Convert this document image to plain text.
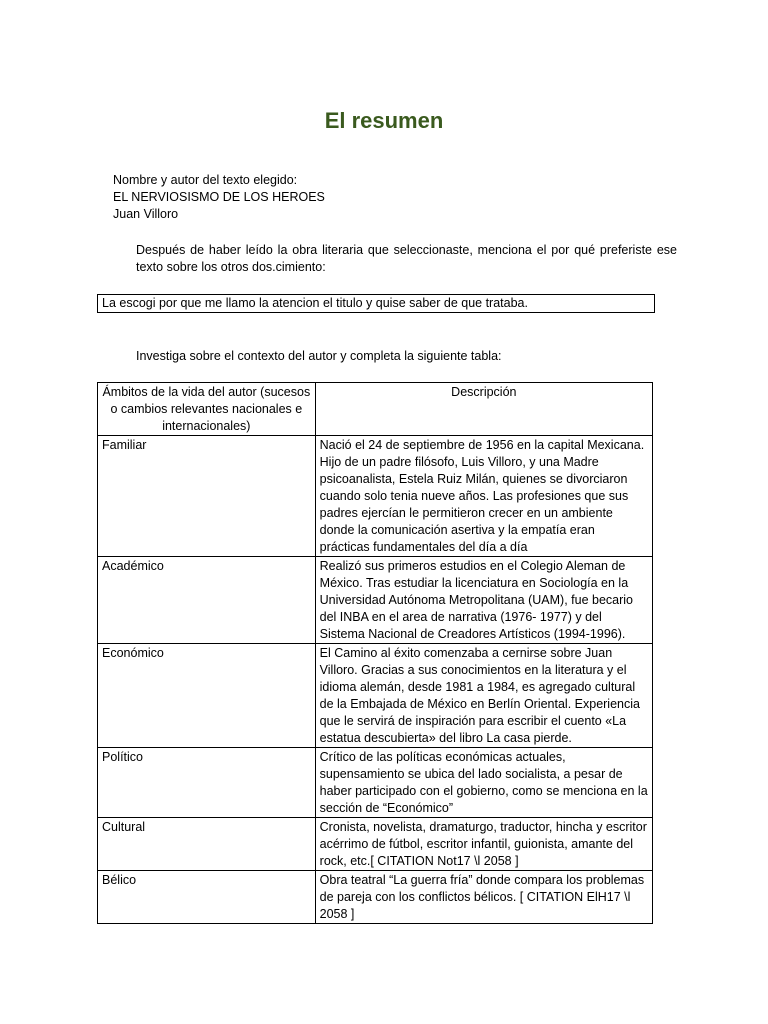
El resumen
Nombre y autor del texto elegido:
EL NERVIOSISMO DE LOS HEROES
Juan Villoro
Después de haber leído la obra literaria que seleccionaste, menciona el por qué preferiste ese texto sobre los otros dos.cimiento:
La escogi por que me llamo la atencion el titulo y quise saber de que trataba.
Investiga sobre el contexto del autor y completa la siguiente tabla:
Ámbitos de la vida del autor (sucesos o cambios relevantes nacionales e internacionales)	Descripción
Familiar	Nació el 24 de septiembre de 1956 en la capital Mexicana. Hijo de un padre filósofo, Luis Villoro, y una Madre psicoanalista, Estela Ruiz Milán, quienes se divorciaron cuando solo tenia nueve años. Las profesiones que sus padres ejercían le permitieron crecer en un ambiente donde la comunicación asertiva y la empatía eran prácticas fundamentales del día a día
Académico	Realizó sus primeros estudios en el Colegio Aleman de México. Tras estudiar la licenciatura en Sociología en la Universidad Autónoma Metropolitana (UAM), fue becario del INBA en el area de narrativa (1976- 1977) y del Sistema Nacional de Creadores Artísticos (1994-1996).
Económico	El Camino al éxito comenzaba a cernirse sobre Juan Villoro. Gracias a sus conocimientos en la literatura y el idioma alemán, desde 1981 a 1984, es agregado cultural de la Embajada de México en Berlín Oriental. Experiencia que le servirá de inspiración para escribir el cuento «La estatua descubierta» del libro La casa pierde.
Político	Crítico de las políticas económicas actuales, supensamiento se ubica del lado socialista, a pesar de haber participado con el gobierno, como se menciona en la sección de “Económico”
Cultural	Cronista, novelista, dramaturgo, traductor, hincha y escritor acérrimo de fútbol, escritor infantil, guionista, amante del rock, etc.[ CITATION Not17 \l 2058 ]
Bélico	Obra teatral “La guerra fría” donde compara los problemas de pareja con los conflictos bélicos. [ CITATION ElH17 \l 2058 ]
